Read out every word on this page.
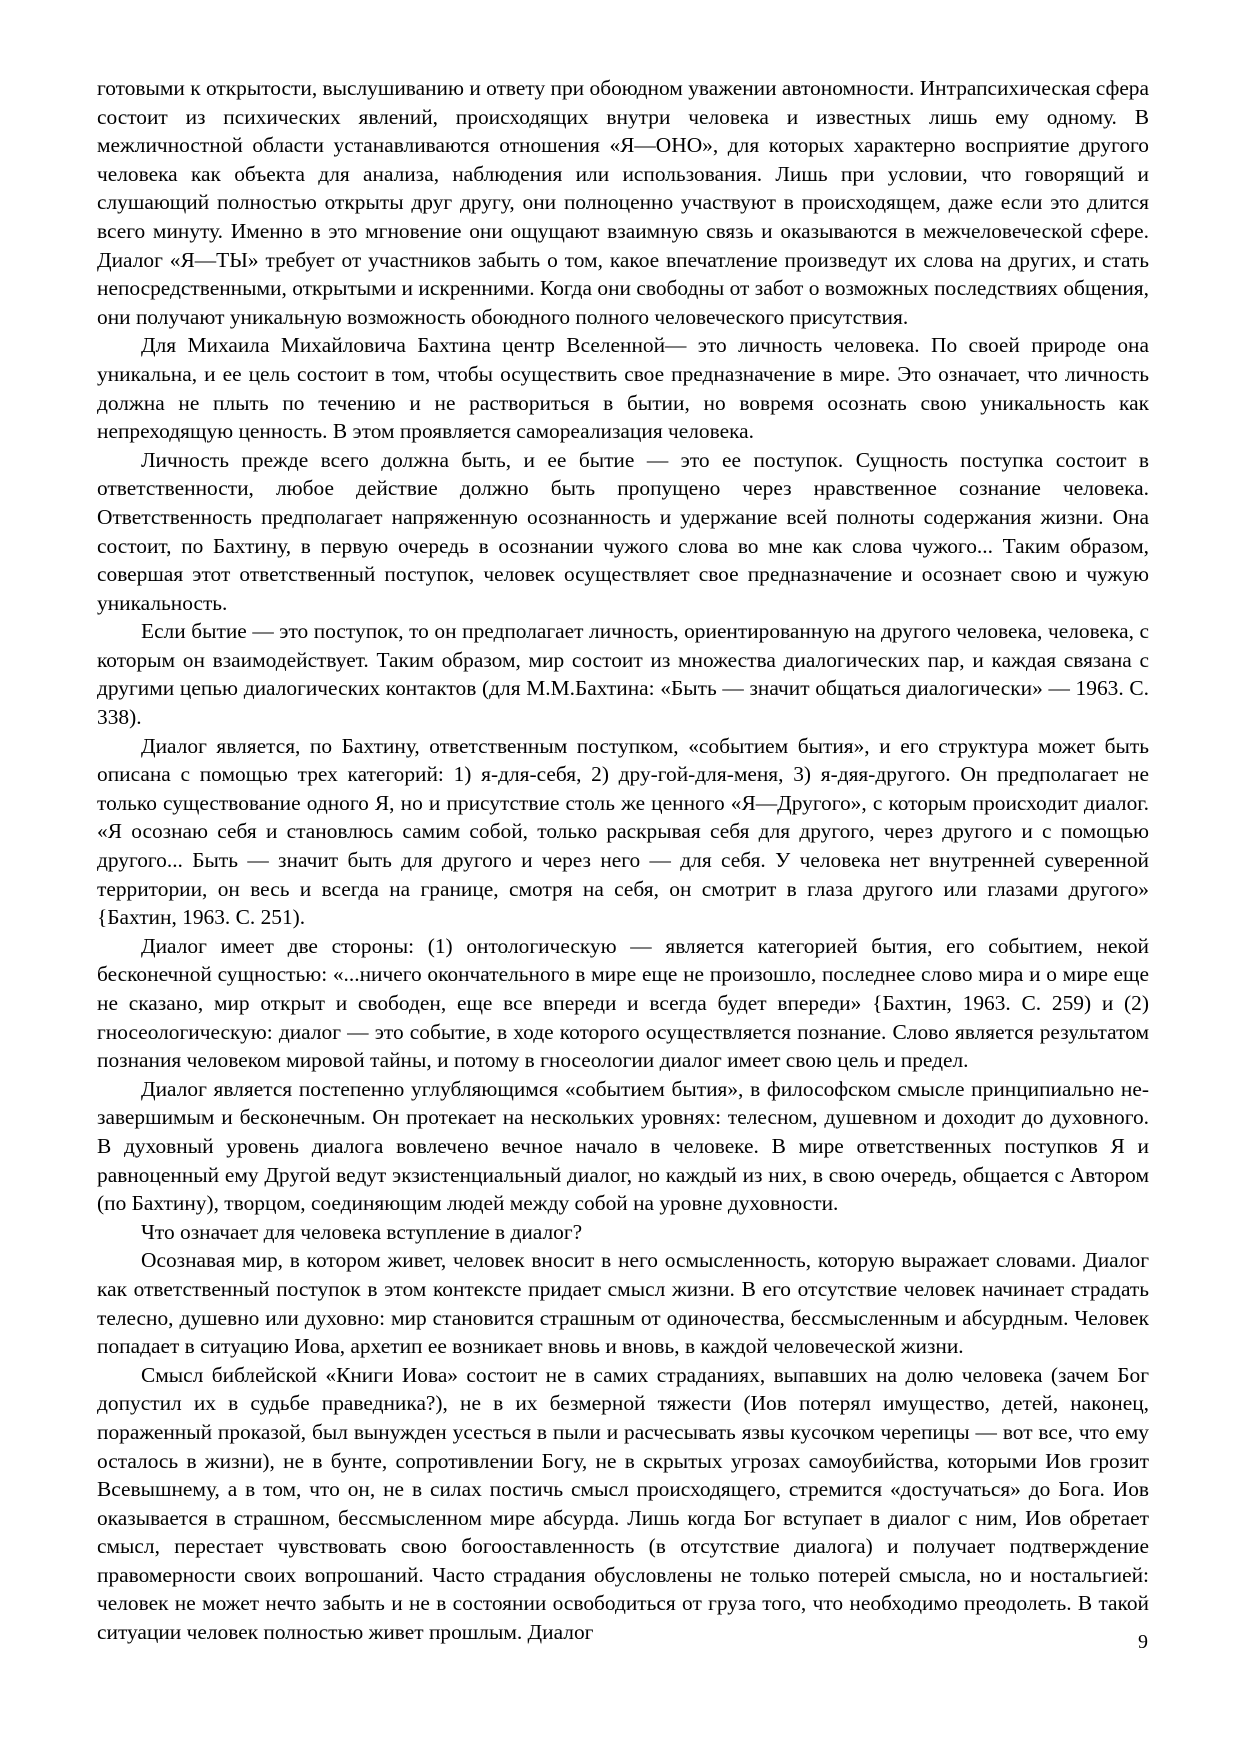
готовыми к открытости, выслушиванию и ответу при обоюдном уважении автономности. Интрапсихическая сфера состоит из психических явлений, происходящих внутри человека и известных лишь ему одному. В межличностной области устанавливаются отношения «Я—ОНО», для которых характерно восприятие другого человека как объекта для анализа, наблюдения или использования. Лишь при условии, что говорящий и слушающий полностью открыты друг другу, они полноценно участвуют в происходящем, даже если это длится всего минуту. Именно в это мгновение они ощущают взаимную связь и оказываются в межчеловеческой сфере. Диалог «Я—ТЫ» требует от участников забыть о том, какое впечатление произведут их слова на других, и стать непосредственными, открытыми и искренними. Когда они свободны от забот о возможных последствиях общения, они получают уникальную возможность обоюдного полного человеческого присутствия.

Для Михаила Михайловича Бахтина центр Вселенной— это личность человека. По своей природе она уникальна, и ее цель состоит в том, чтобы осуществить свое предназначение в мире. Это означает, что личность должна не плыть по течению и не раствориться в бытии, но вовремя осознать свою уникальность как непреходящую ценность. В этом проявляется самореализация человека.

Личность прежде всего должна быть, и ее бытие — это ее поступок. Сущность поступка состоит в ответственности, любое действие должно быть пропущено через нравственное сознание человека. Ответственность предполагает напряженную осознанность и удержание всей полноты содержания жизни. Она состоит, по Бахтину, в первую очередь в осознании чужого слова во мне как слова чужого... Таким образом, совершая этот ответственный поступок, человек осуществляет свое предназначение и осознает свою и чужую уникальность.

Если бытие — это поступок, то он предполагает личность, ориентированную на другого человека, человека, с которым он взаимодействует. Таким образом, мир состоит из множества диалогических пар, и каждая связана с другими цепью диалогических контактов (для М.М.Бахтина: «Быть — значит общаться диалогически» — 1963. С. 338).

Диалог является, по Бахтину, ответственным поступком, «событием бытия», и его структура может быть описана с помощью трех категорий: 1) я-для-себя, 2) дру-гой-для-меня, 3) я-дяя-другого. Он предполагает не только существование одного Я, но и присутствие столь же ценного «Я—Другого», с которым происходит диалог. «Я осознаю себя и становлюсь самим собой, только раскрывая себя для другого, через другого и с помощью другого... Быть — значит быть для другого и через него — для себя. У человека нет внутренней суверенной территории, он весь и всегда на границе, смотря на себя, он смотрит в глаза другого или глазами другого» {Бахтин, 1963. С. 251).

Диалог имеет две стороны: (1) онтологическую — является категорией бытия, его событием, некой бесконечной сущностью: «...ничего окончательного в мире еще не произошло, последнее слово мира и о мире еще не сказано, мир открыт и свободен, еще все впереди и всегда будет впереди» {Бахтин, 1963. С. 259) и (2) гносеологическую: диалог — это событие, в ходе которого осуществляется познание. Слово является результатом познания человеком мировой тайны, и потому в гносеологии диалог имеет свою цель и предел.

Диалог является постепенно углубляющимся «событием бытия», в философском смысле принципиально не-завершимым и бесконечным. Он протекает на нескольких уровнях: телесном, душевном и доходит до духовного. В духовный уровень диалога вовлечено вечное начало в человеке. В мире ответственных поступков Я и равноценный ему Другой ведут экзистенциальный диалог, но каждый из них, в свою очередь, общается с Автором (по Бахтину), творцом, соединяющим людей между собой на уровне духовности.

Что означает для человека вступление в диалог?

Осознавая мир, в котором живет, человек вносит в него осмысленность, которую выражает словами. Диалог как ответственный поступок в этом контексте придает смысл жизни. В его отсутствие человек начинает страдать телесно, душевно или духовно: мир становится страшным от одиночества, бессмысленным и абсурдным. Человек попадает в ситуацию Иова, архетип ее возникает вновь и вновь, в каждой человеческой жизни.

Смысл библейской «Книги Иова» состоит не в самих страданиях, выпавших на долю человека (зачем Бог допустил их в судьбе праведника?), не в их безмерной тяжести (Иов потерял имущество, детей, наконец, пораженный проказой, был вынужден усесться в пыли и расчесывать язвы кусочком черепицы — вот все, что ему осталось в жизни), не в бунте, сопротивлении Богу, не в скрытых угрозах самоубийства, которыми Иов грозит Всевышнему, а в том, что он, не в силах постичь смысл происходящего, стремится «достучаться» до Бога. Иов оказывается в страшном, бессмысленном мире абсурда. Лишь когда Бог вступает в диалог с ним, Иов обретает смысл, перестает чувствовать свою богооставленность (в отсутствие диалога) и получает подтверждение правомерности своих вопрошаний. Часто страдания обусловлены не только потерей смысла, но и ностальгией: человек не может нечто забыть и не в состоянии освободиться от груза того, что необходимо преодолеть. В такой ситуации человек полностью живет прошлым. Диалог	9
